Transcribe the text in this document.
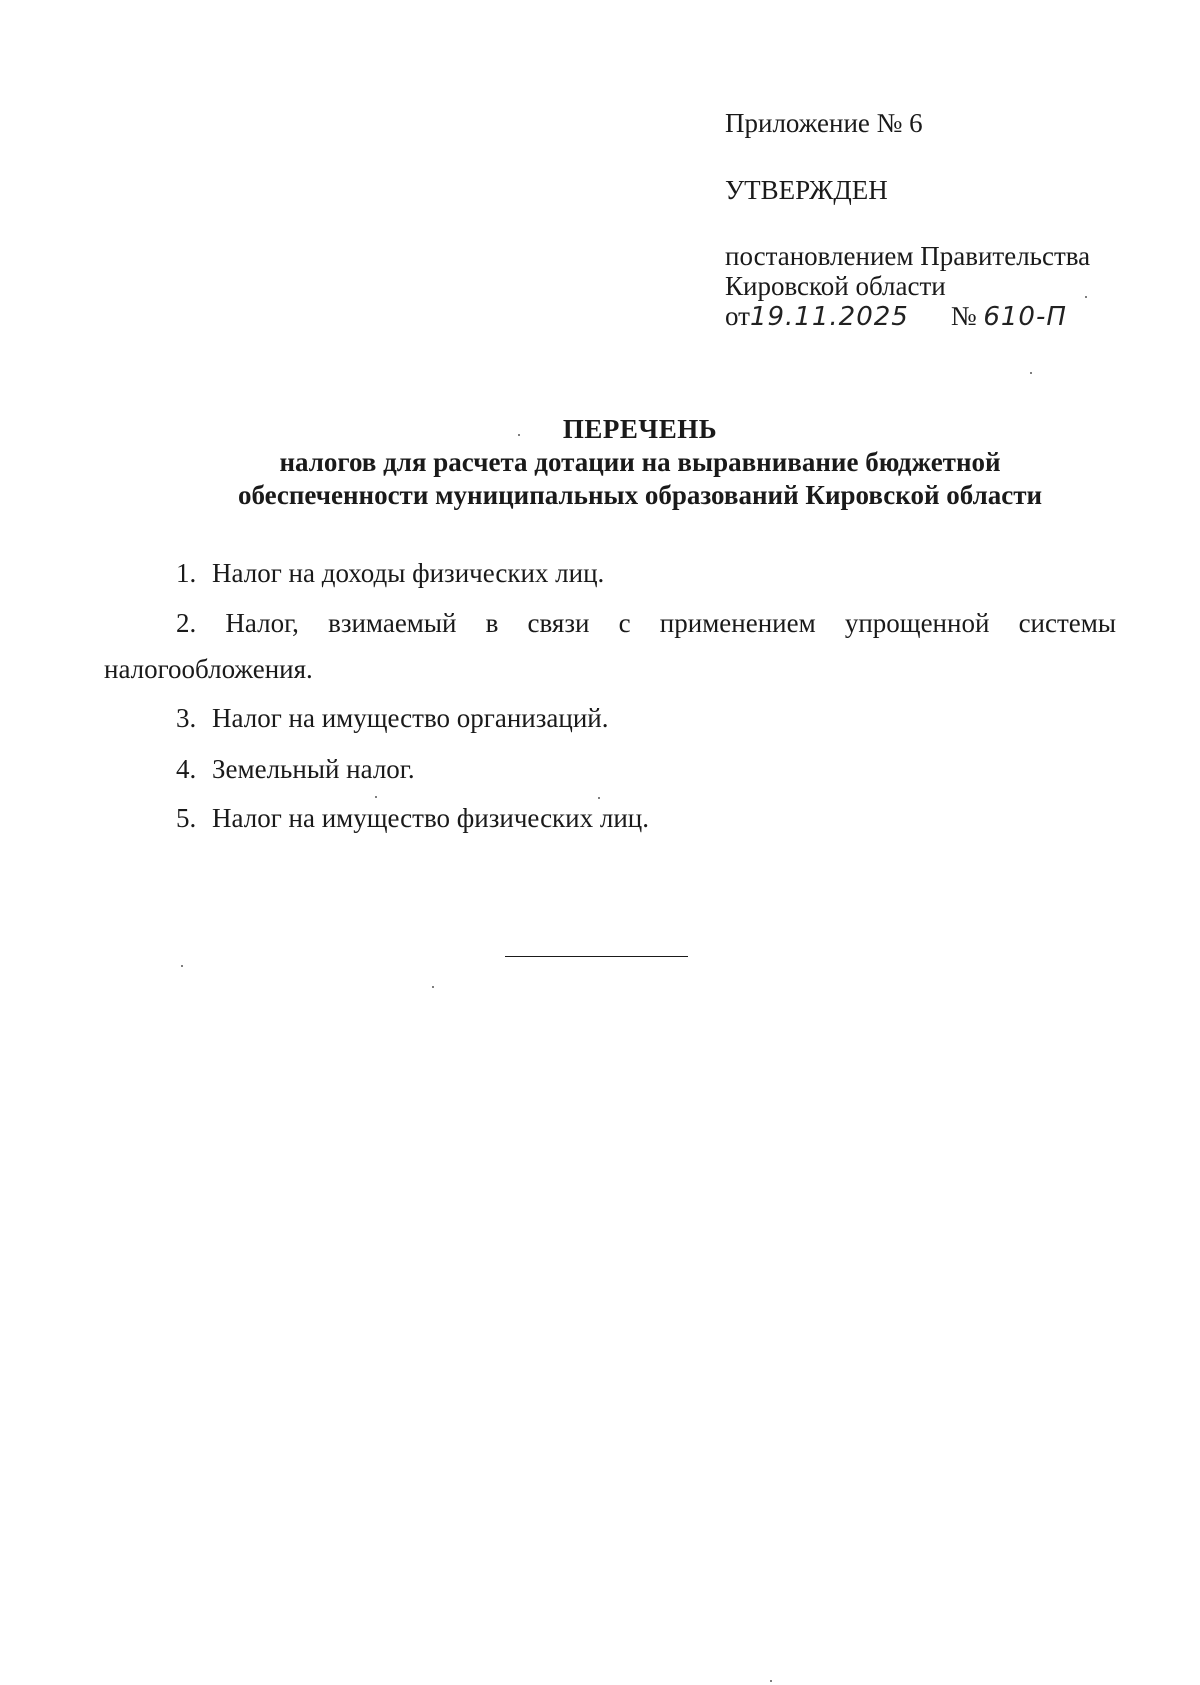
Приложение № 6

УТВЕРЖДЕН

постановлением Правительства
Кировской области
от19.11.2025 № 610-П
ПЕРЕЧЕНЬ
налогов для расчета дотации на выравнивание бюджетной
обеспеченности муниципальных образований Кировской области
1. Налог на доходы физических лиц.
2. Налог, взимаемый в связи с применением упрощенной системы налогообложения.
3. Налог на имущество организаций.
4. Земельный налог.
5. Налог на имущество физических лиц.
